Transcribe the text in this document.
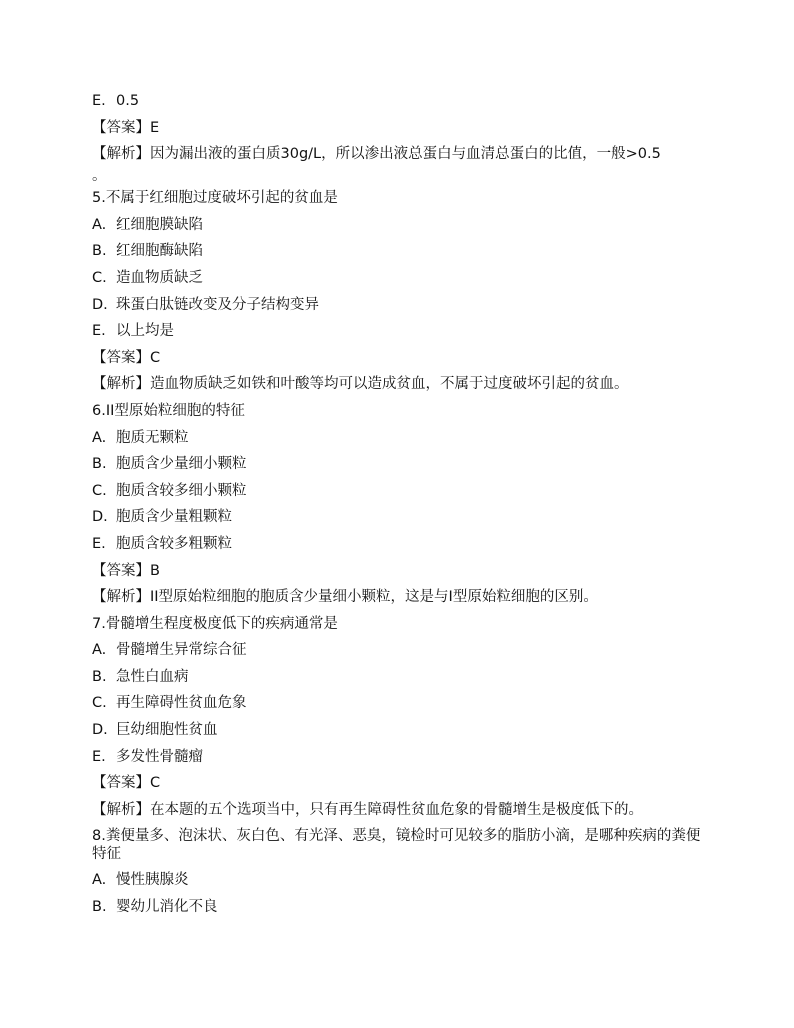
E. 0.5
【答案】E
【解析】因为漏出液的蛋白质30g/L，所以渗出液总蛋白与血清总蛋白的比值，一般>0.5
。
5.不属于红细胞过度破坏引起的贫血是
A. 红细胞膜缺陷
B. 红细胞酶缺陷
C. 造血物质缺乏
D. 珠蛋白肽链改变及分子结构变异
E. 以上均是
【答案】C
【解析】造血物质缺乏如铁和叶酸等均可以造成贫血，不属于过度破坏引起的贫血。
6.II型原始粒细胞的特征
A. 胞质无颗粒
B. 胞质含少量细小颗粒
C. 胞质含较多细小颗粒
D. 胞质含少量粗颗粒
E. 胞质含较多粗颗粒
【答案】B
【解析】II型原始粒细胞的胞质含少量细小颗粒，这是与I型原始粒细胞的区别。
7.骨髓增生程度极度低下的疾病通常是
A. 骨髓增生异常综合征
B. 急性白血病
C. 再生障碍性贫血危象
D. 巨幼细胞性贫血
E. 多发性骨髓瘤
【答案】C
【解析】在本题的五个选项当中，只有再生障碍性贫血危象的骨髓增生是极度低下的。
8.粪便量多、泡沫状、灰白色、有光泽、恶臭，镜检时可见较多的脂肪小滴，是哪种疾病的粪便特征
A. 慢性胰腺炎
B. 婴幼儿消化不良
